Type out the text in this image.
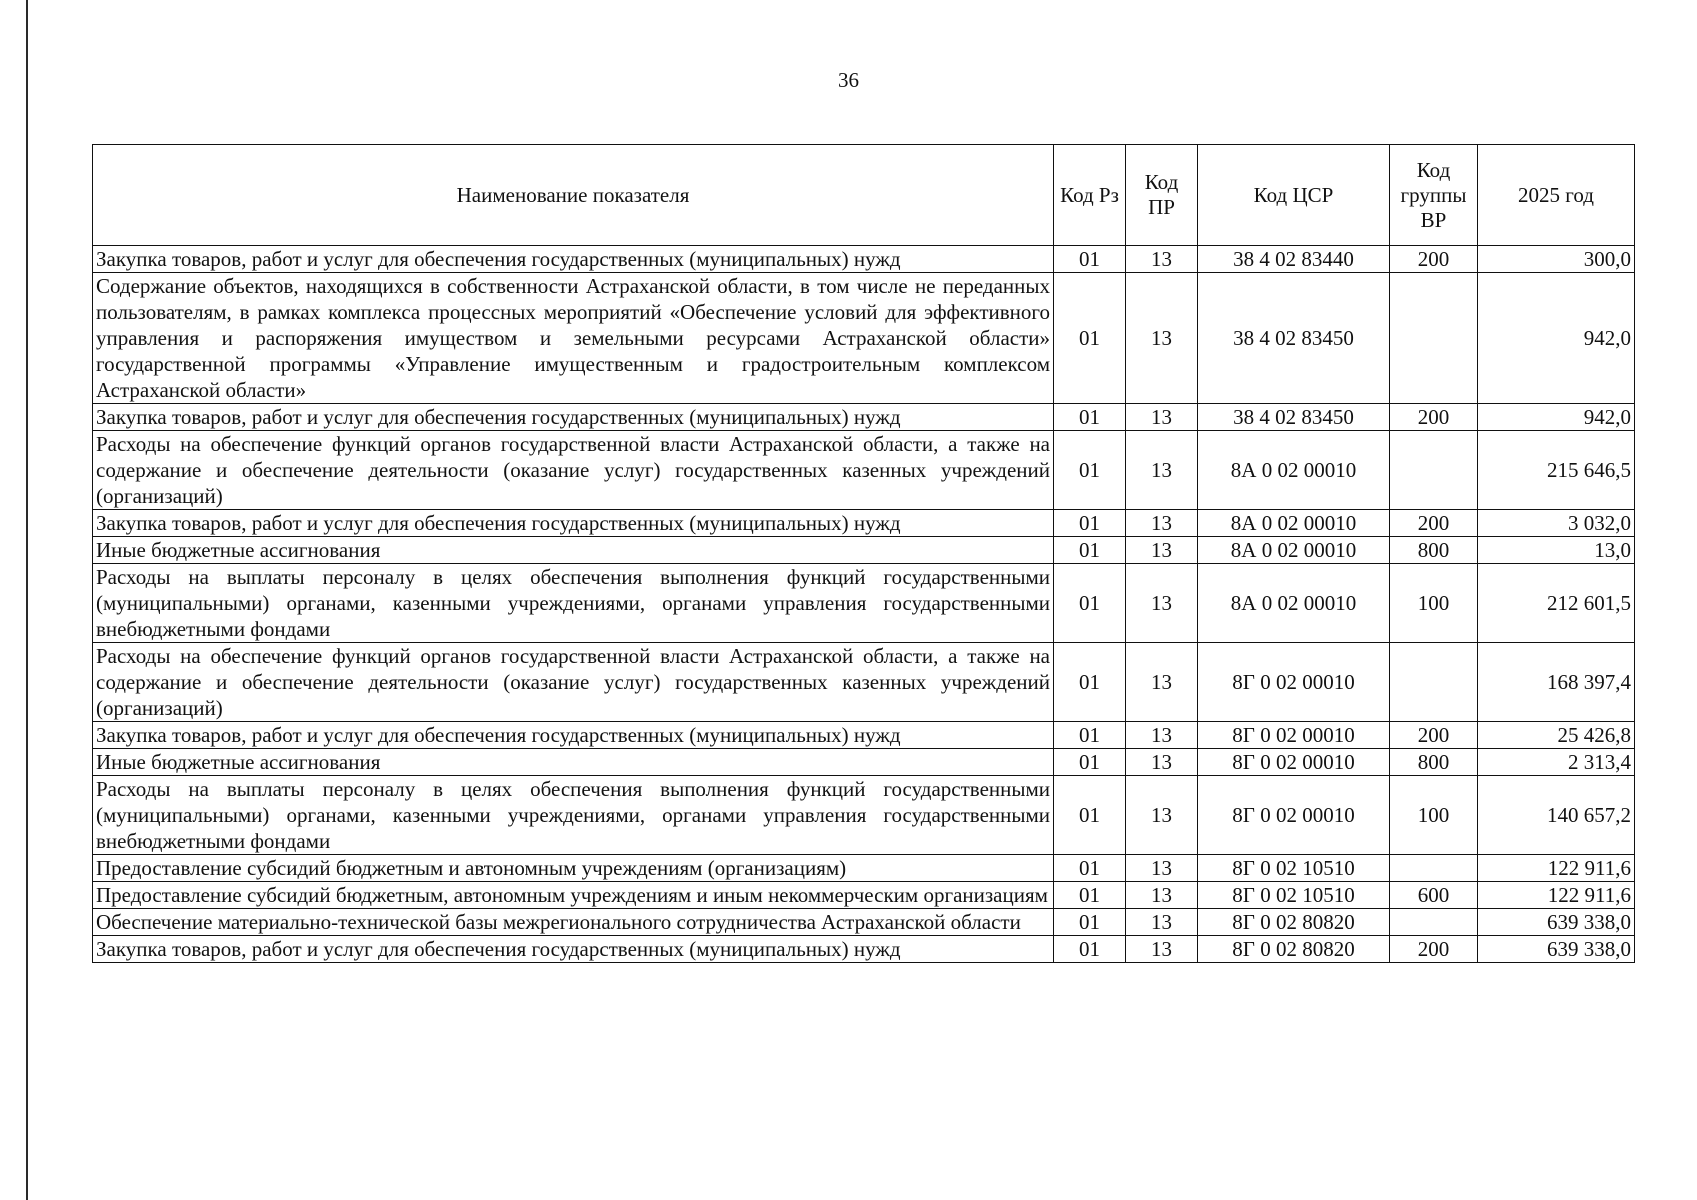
36
Наименование показателя	Код Рз	Код ПР	Код ЦСР	Код группы ВР	2025 год
Закупка товаров, работ и услуг для обеспечения государственных (муниципальных) нужд	01	13	38 4 02 83440	200	300,0
Содержание объектов, находящихся в собственности Астраханской области, в том числе не переданных пользователям, в рамках комплекса процессных мероприятий «Обеспечение условий для эффективного управления и распоряжения имуществом и земельными ресурсами Астраханской области» государственной программы «Управление имущественным и градостроительным комплексом Астраханской области»	01	13	38 4 02 83450		942,0
Закупка товаров, работ и услуг для обеспечения государственных (муниципальных) нужд	01	13	38 4 02 83450	200	942,0
Расходы на обеспечение функций органов государственной власти Астраханской области, а также на содержание и обеспечение деятельности (оказание услуг) государственных казенных учреждений (организаций)	01	13	8А 0 02 00010		215 646,5
Закупка товаров, работ и услуг для обеспечения государственных (муниципальных) нужд	01	13	8А 0 02 00010	200	3 032,0
Иные бюджетные ассигнования	01	13	8А 0 02 00010	800	13,0
Расходы на выплаты персоналу в целях обеспечения выполнения функций государственными (муниципальными) органами, казенными учреждениями, органами управления государственными внебюджетными фондами	01	13	8А 0 02 00010	100	212 601,5
Расходы на обеспечение функций органов государственной власти Астраханской области, а также на содержание и обеспечение деятельности (оказание услуг) государственных казенных учреждений (организаций)	01	13	8Г 0 02 00010		168 397,4
Закупка товаров, работ и услуг для обеспечения государственных (муниципальных) нужд	01	13	8Г 0 02 00010	200	25 426,8
Иные бюджетные ассигнования	01	13	8Г 0 02 00010	800	2 313,4
Расходы на выплаты персоналу в целях обеспечения выполнения функций государственными (муниципальными) органами, казенными учреждениями, органами управления государственными внебюджетными фондами	01	13	8Г 0 02 00010	100	140 657,2
Предоставление субсидий бюджетным и автономным учреждениям (организациям)	01	13	8Г 0 02 10510		122 911,6
Предоставление субсидий бюджетным, автономным учреждениям и иным некоммерческим организациям	01	13	8Г 0 02 10510	600	122 911,6
Обеспечение материально-технической базы межрегионального сотрудничества Астраханской области	01	13	8Г 0 02 80820		639 338,0
Закупка товаров, работ и услуг для обеспечения государственных (муниципальных) нужд	01	13	8Г 0 02 80820	200	639 338,0
